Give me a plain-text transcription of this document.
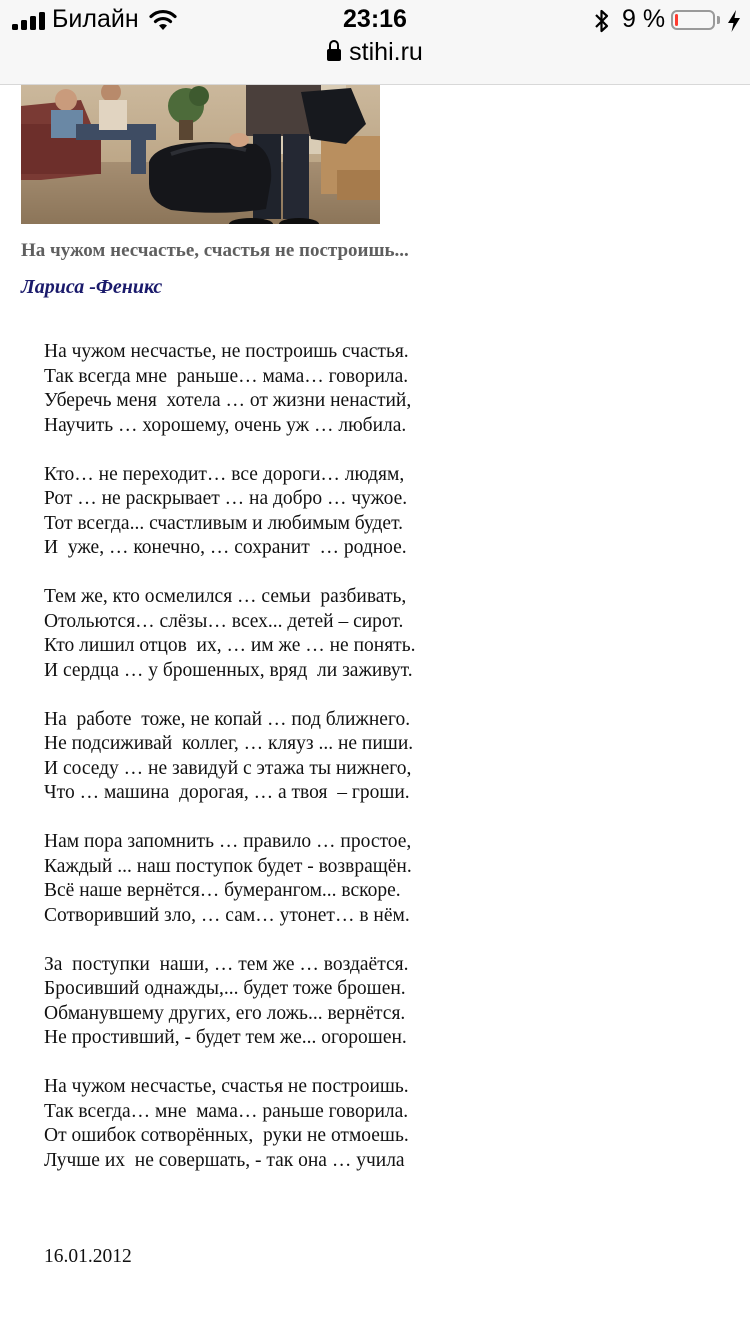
Билайн	23:16	9 %
stihi.ru
На чужом несчастье, счастья не построишь...
Лариса -Феникс
На чужом несчастье, не построишь счастья.
Так всегда мне  раньше… мама… говорила.
Уберечь меня  хотела … от жизни ненастий,
Научить … хорошему, очень уж … любила.
Кто… не переходит… все дороги… людям,
Рот … не раскрывает … на добро … чужое.
Тот всегда... счастливым и любимым будет.
И  уже, … конечно, … сохранит  … родное.
Тем же, кто осмелился … семьи  разбивать,
Отольются… слёзы… всех... детей – сирот.
Кто лишил отцов  их, … им же … не понять.
И сердца … у брошенных, вряд  ли заживут.
На  работе  тоже, не копай … под ближнего.
Не подсиживай  коллег, … кляуз ... не пиши.
И соседу … не завидуй с этажа ты нижнего,
Что … машина  дорогая, … а твоя  – гроши.
Нам пора запомнить … правило … простое,
Каждый ... наш поступок будет - возвращён.
Всё наше вернётся… бумерангом... вскоре.
Сотворивший зло, … сам… утонет… в нём.
За  поступки  наши, … тем же … воздаётся.
Бросивший однажды,... будет тоже брошен.
Обманувшему других, его ложь... вернётся.
Не простивший, - будет тем же... огорошен.
На чужом несчастье, счастья не построишь.
Так всегда… мне  мама… раньше говорила.
От ошибок сотворённых,  руки не отмоешь.
Лучше их  не совершать, - так она … учила
16.01.2012
